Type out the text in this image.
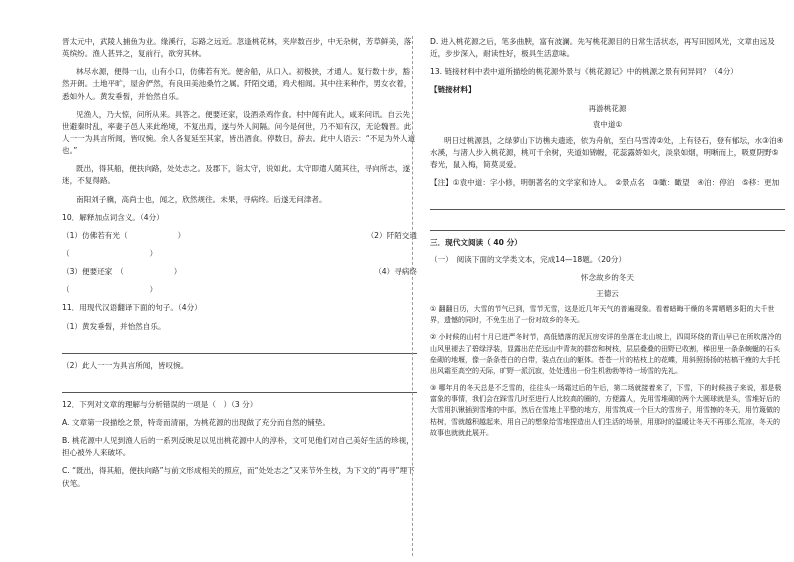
晋太元中，武陵人捕鱼为业。缘溪行，忘路之远近。忽逢桃花林，夹岸数百步，中无杂树，芳草鲜美，落英缤纷。渔人甚异之，复前行，欲穷其林。

林尽水源，便得一山，山有小口，仿佛若有光。便舍船，从口入。初极狭，才通人。复行数十步，豁然开朗。土地平旷，屋舍俨然，有良田美池桑竹之属。阡陌交通，鸡犬相闻。其中往来种作，男女衣着，悉如外人。黄发垂髫，并怡然自乐。

见渔人，乃大惊，问所从来。具答之。便要还家，设酒杀鸡作食。村中闻有此人，咸来问讯。自云先世避秦时乱，率妻子邑人来此绝境，不复出焉，遂与外人间隔。问今是何世，乃不知有汉，无论魏晋。此人一一为具言所闻，皆叹惋。余人各复延至其家，皆出酒食。停数日，辞去。此中人语云：“不足为外人道也。”

既出，得其船，便扶向路，处处志之。及郡下，诣太守，说如此。太守即遣人随其往，寻向所志，遂迷，不复得路。

南阳刘子骥，高尚士也，闻之，欣然规往。未果，寻病终。后遂无问津者。

10．解释加点词含义。（4分）

（1）仿佛若有光（	）	（2）阡陌交通
（	）
（3）便要还家　（	）	（4）寻病终
（	）

11．用现代汉语翻译下面的句子。（4分）

（1）黄发垂髫，并怡然自乐。

（2）此人一一为具言所闻，皆叹惋。

12．下列对文章的理解与分析错误的一项是（　）（3 分）

A. 文章第一段描绘之景，特奇而清丽，为桃花源的出现做了充分而自然的铺垫。

B. 桃花源中人见到渔人后的一系列反映足以见出桃花源中人的淳朴，文可见他们对自己美好生活的珍视，担心被外人来破坏。

C. “既出，得其船，便扶向路”与前文形成相关的照应，而“处处志之”又来节外生枝，为下文的“再寻”埋下伏笔。

D. 进入桃花源之后，笔多曲腴，富有波澜。先写桃花源目的日常生活状态，再写田园风光，文章由远及近，步步深入，耐读性好，极具生活意味。

13. 链接材料中表中道所描绘的桃花源外景与《桃花源记》中的桃源之景有何异同？（4分）

【链接材料】

再游桃花源

袁中道①

明日过桃源县，之绿萝山下访樵夫遗迹，依为舟航，至白马雪涛②处，上有径石，登有郁坛，水③泊④水溪，与渚人步入桃花源，桃可千余树，夹道如锦幄，花蕊露娇如火，淡泉如烟，明晰而上，吸夏阴野⑤春光，鼠入梅，简莫灵爱。

【注】①袁中道：字小修，明朝著名的文学家和诗人。　②景点名　③瞰：瞰望　④泊：停泊　⑤移：更加

三．现代文阅读（ 40 分）

（一）　阅读下面的文学类文本，完成14—18题。（20分）

怀念故乡的冬天

王德云

① 翻翻日历，大雪的节气已到，雪节无雪，这是近几年天气的普遍现象。看着暗晦干燥的冬霄晒晒多阳的大千世界，遗憾的同时，不免生出了一份对故乡的冬天。

② 小时候的山村十月已进严冬时节，高低错落的泥瓦房安详的坐落在北山坡上，四周环绕的青山早已在所吹落冷的山风里褪去了碧绿浮装，显露出茫茫远山中青灰的群峦和树枝，层层叠叠的田野已收割，梯田里一条条蜿蜒的石头垒砌的地堰，像一条条苍白的白带，装点在山的躯体。苍苍一片的枯枝上的花蝶，用斜照扬扬的枯槁干瘦的大手托出风霜至高空的天际，旷野一派沉寂，处处透出一份生机勃勃等待一场雪的先礼。

③ 哪年月的冬天总是不乏雪的，往往头一场霜过后的午后，第二场就接着来了，下雪，下的时候孩子来说，那是极富象的事情，我们会在踩雪几时至进行人比较高的圈的，方便露人，先用雪堆砌的两个大圆球就是头，雪堆好后的大雪用扒锹插到雪堆的中部，然后在雪地上平整的地方，用雪筑成一个巨大的雪房子，用雪擦的冬天，用竹篾做的枯树，雪就越积越起来，用自己的想象给雪地捏造出人们生活的场景，用那时的温暖让冬天不再那么荒凉，冬天的故事也就就此展开。
